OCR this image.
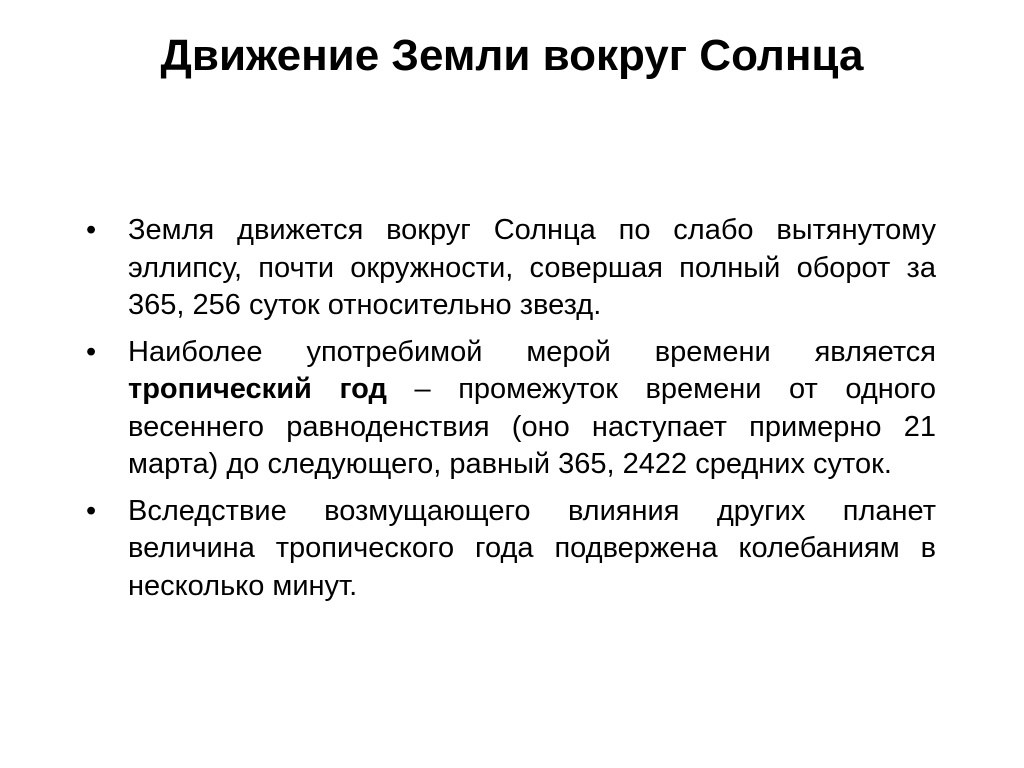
Движение Земли вокруг Солнца
•	Земля движется вокруг Солнца по слабо вытянутому эллипсу, почти окружности, совершая полный оборот за 365, 256 суток относительно звезд.
•	Наиболее употребимой мерой времени является тропический год – промежуток времени от одного весеннего равноденствия (оно наступает примерно 21 марта) до следующего, равный 365, 2422 средних суток.
•	Вследствие возмущающего влияния других планет величина тропического года подвержена колебаниям в несколько минут.
